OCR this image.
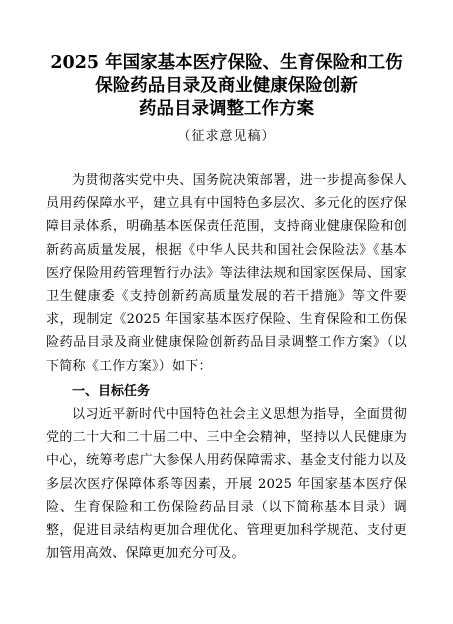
2025 年国家基本医疗保险、生育保险和工伤
保险药品目录及商业健康保险创新
药品目录调整工作方案
（征求意见稿）

为贯彻落实党中央、国务院决策部署，进一步提高参保人员用药保障水平，建立具有中国特色多层次、多元化的医疗保障目录体系，明确基本医保责任范围，支持商业健康保险和创新药高质量发展，根据《中华人民共和国社会保险法》《基本医疗保险用药管理暂行办法》等法律法规和国家医保局、国家卫生健康委《支持创新药高质量发展的若干措施》等文件要求，现制定《2025 年国家基本医疗保险、生育保险和工伤保险药品目录及商业健康保险创新药品目录调整工作方案》（以下简称《工作方案》）如下：

一、目标任务

以习近平新时代中国特色社会主义思想为指导，全面贯彻党的二十大和二十届二中、三中全会精神，坚持以人民健康为中心，统筹考虑广大参保人用药保障需求、基金支付能力以及多层次医疗保障体系等因素，开展 2025 年国家基本医疗保险、生育保险和工伤保险药品目录（以下简称基本目录）调整，促进目录结构更加合理优化、管理更加科学规范、支付更加管用高效、保障更加充分可及。
